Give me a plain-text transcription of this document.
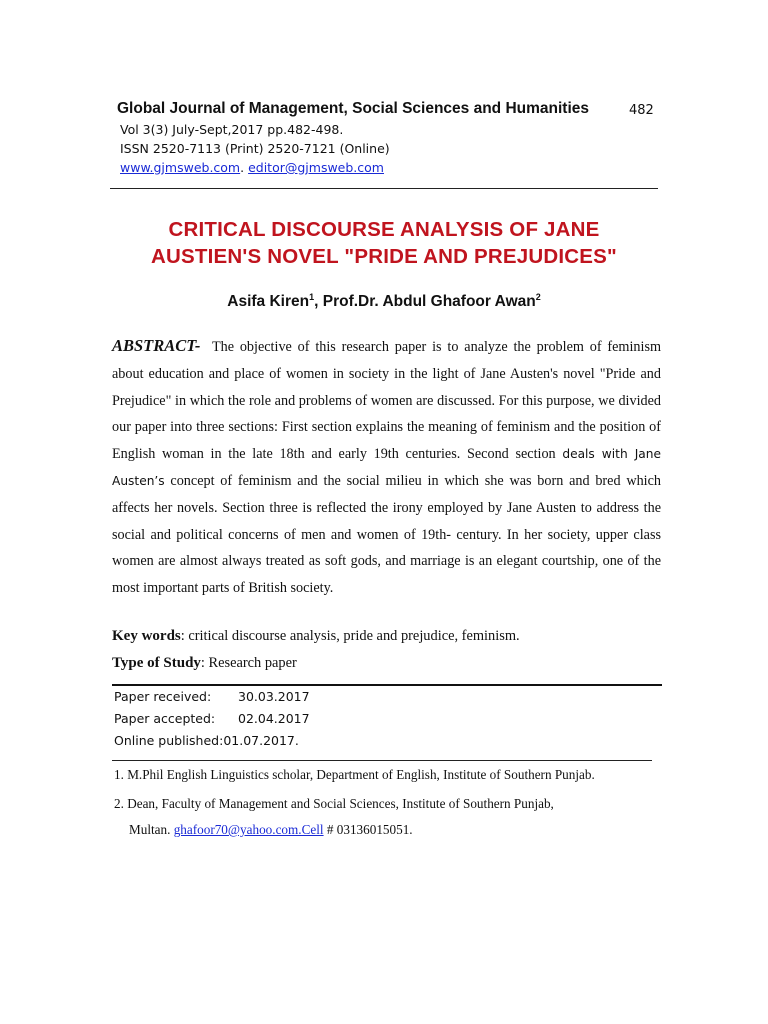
Global Journal of Management, Social Sciences and Humanities	482
Vol 3(3) July-Sept,2017 pp.482-498.
ISSN 2520-7113 (Print) 2520-7121 (Online)
www.gjmsweb.com. editor@gjmsweb.com
CRITICAL DISCOURSE ANALYSIS OF JANE
AUSTIEN'S NOVEL "PRIDE AND PREJUDICES"
Asifa Kiren$^1$, Prof.Dr. Abdul Ghafoor Awan$^2$
ABSTRACT- The objective of this research paper is to analyze the problem of feminism about education and place of women in society in the light of Jane Austen's novel "Pride and Prejudice" in which the role and problems of women are discussed. For this purpose, we divided our paper into three sections: First section explains the meaning of feminism and the position of English woman in the late 18th and early 19th centuries. Second section deals with Jane Austen’s concept of feminism and the social milieu in which she was born and bred which affects her novels. Section three is reflected the irony employed by Jane Austen to address the social and political concerns of men and women of 19th- century. In her society, upper class women are almost always treated as soft gods, and marriage is an elegant courtship, one of the most important parts of British society.
Key words: critical discourse analysis, pride and prejudice, feminism.
Type of Study: Research paper
Paper received: 30.03.2017
Paper accepted: 02.04.2017
Online published:01.07.2017.
1. M.Phil English Linguistics scholar, Department of English, Institute of Southern Punjab.
2. Dean, Faculty of Management and Social Sciences, Institute of Southern Punjab,
Multan. ghafoor70@yahoo.com.Cell # 03136015051.
